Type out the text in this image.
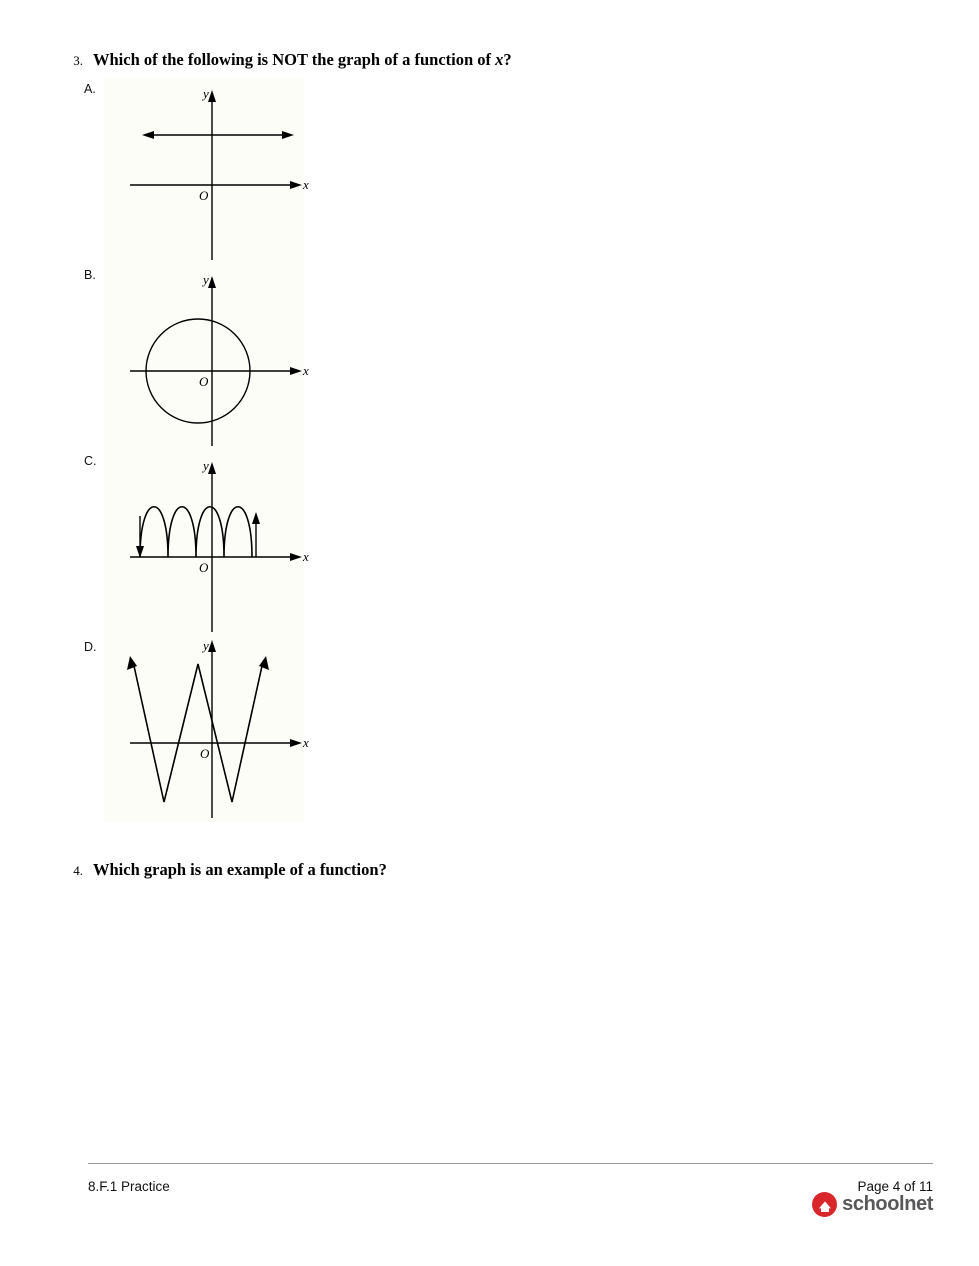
3. Which of the following is NOT the graph of a function of x?
A.	y
x
O
B.	y
x
O
C.	y
x
O
D.	y
x
O
4. Which graph is an example of a function?
8.F.1 Practice	Page 4 of 11
schoolnet
